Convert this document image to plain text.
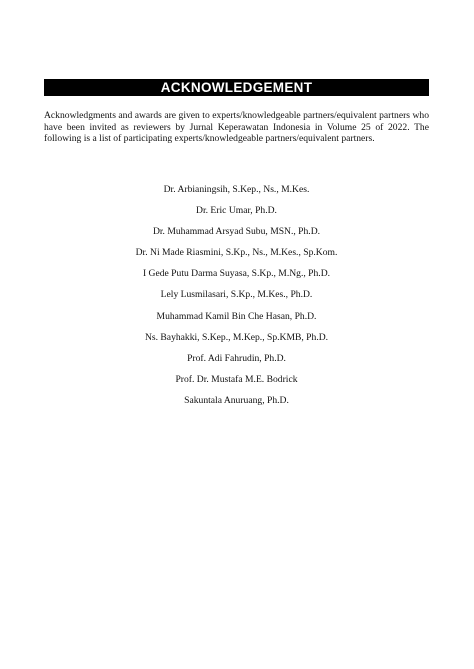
ACKNOWLEDGEMENT

Acknowledgments and awards are given to experts/knowledgeable partners/equivalent partners who have been invited as reviewers by Jurnal Keperawatan Indonesia in Volume 25 of 2022. The following is a list of participating experts/knowledgeable partners/equivalent partners.

Dr. Arbianingsih, S.Kep., Ns., M.Kes.
Dr. Eric Umar, Ph.D.
Dr. Muhammad Arsyad Subu, MSN., Ph.D.
Dr. Ni Made Riasmini, S.Kp., Ns., M.Kes., Sp.Kom.
I Gede Putu Darma Suyasa, S.Kp., M.Ng., Ph.D.
Lely Lusmilasari, S.Kp., M.Kes., Ph.D.
Muhammad Kamil Bin Che Hasan, Ph.D.
Ns. Bayhakki, S.Kep., M.Kep., Sp.KMB, Ph.D.
Prof. Adi Fahrudin, Ph.D.
Prof. Dr. Mustafa M.E. Bodrick
Sakuntala Anuruang, Ph.D.
